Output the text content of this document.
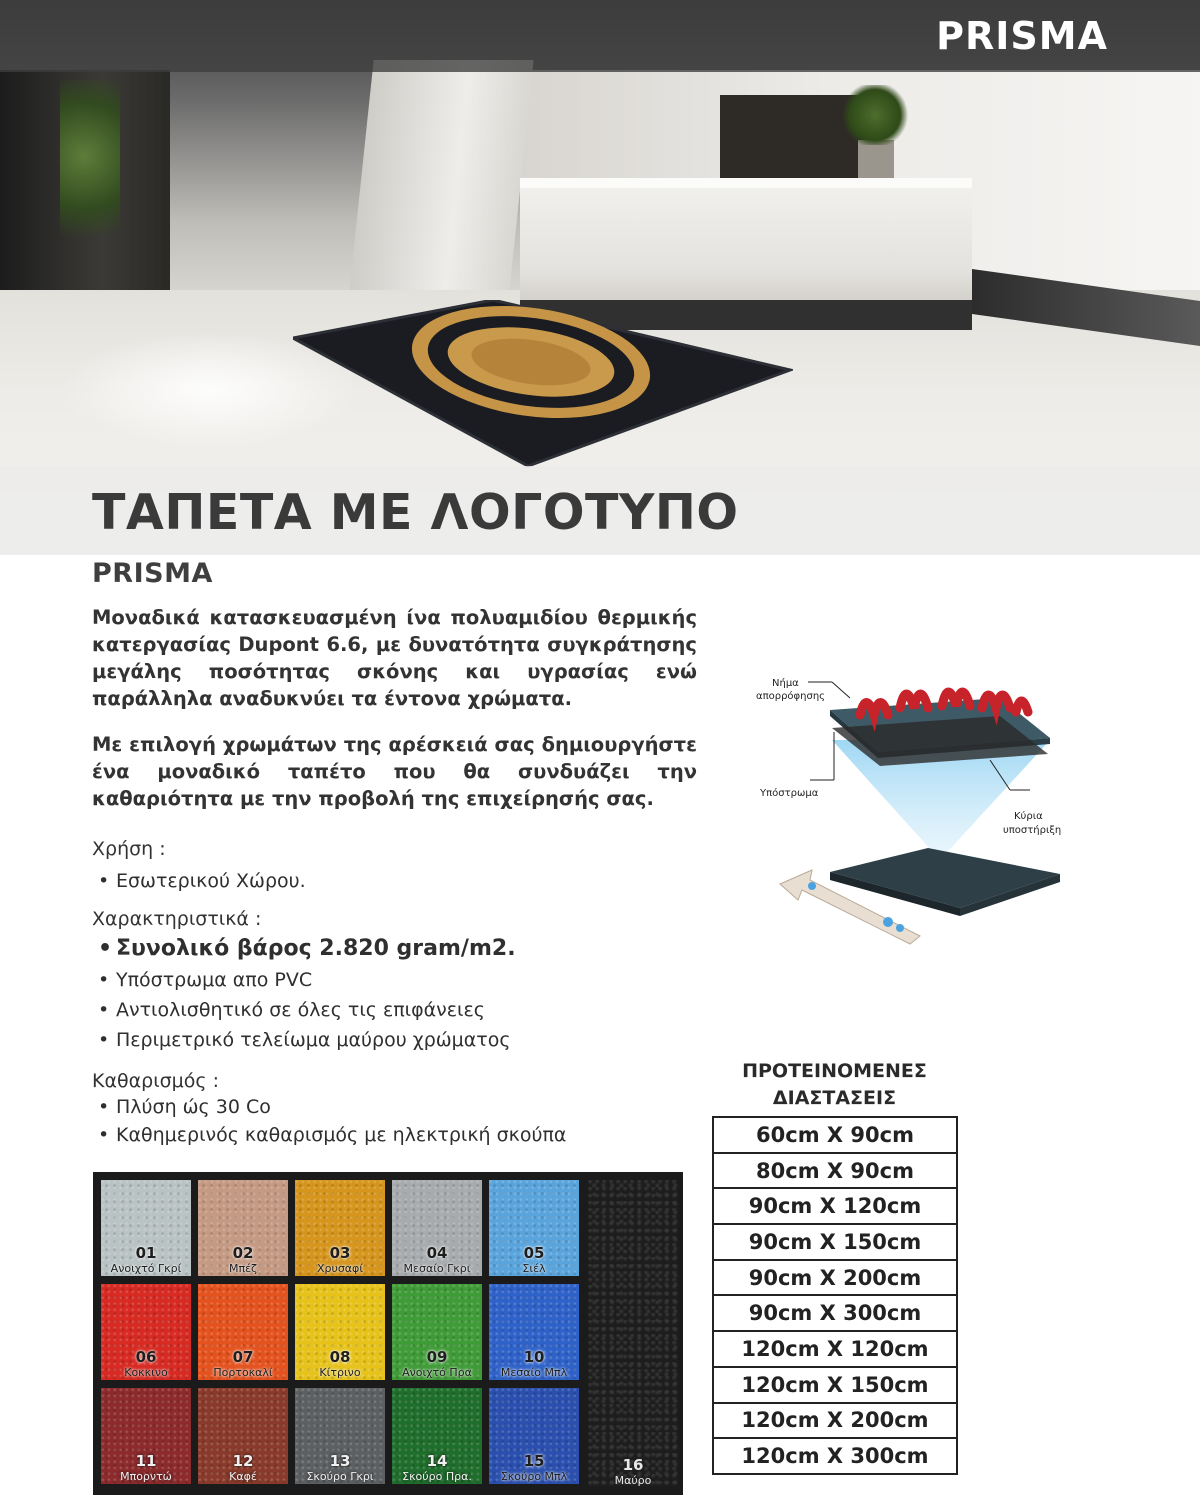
PRISMA
ΤΑΠΕΤΑ ΜΕ ΛΟΓΟΤΥΠΟ
PRISMA

Μοναδικά κατασκευασμένη ίνα πολυαμιδίου θερμικής κατεργασίας Dupont 6.6, με δυνατότητα συγκράτησης μεγάλης ποσότητας σκόνης και υγρασίας ενώ παράλληλα αναδυκνύει τα έντονα χρώματα.

Με επιλογή χρωμάτων της αρέσκειά σας δημιουργήστε ένα μοναδικό ταπέτο που θα συνδυάζει την καθαριότητα με την προβολή της επιχείρησής σας.

Χρήση :
• Εσωτερικού Χώρου.
Χαρακτηριστικά :
• Συνολικό βάρος 2.820 gram/m2.
• Υπόστρωμα απο PVC
• Αντιολισθητικό σε όλες τις επιφάνειες
• Περιμετρικό τελείωμα μαύρου χρώματος
Καθαρισμός :
• Πλύση ώς 30 Co
• Καθημερινός καθαρισμός με ηλεκτρική σκούπα
Νήμα
απορρόφησης
Υπόστρωμα
Κύρια
υποστήριξη
ΠΡΟΤΕΙΝΟΜΕΝΕΣ
ΔΙΑΣΤΑΣΕΙΣ
60cm X 90cm
80cm X 90cm
90cm X 120cm
90cm X 150cm
90cm X 200cm
90cm X 300cm
120cm X 120cm
120cm X 150cm
120cm X 200cm
120cm X 300cm
16
Μαύρο
01
Ανοιχτό Γκρί
02
Μπέζ
03
Χρυσαφί
04
Μεσαίο Γκρι
05
Σιέλ
06
Κοκκινο
07
Πορτοκαλί
08
Κίτρινο
09
Ανοιχτό Πρα
10
Μεσαίο Μπλ
11
Μπορντώ
12
Καφέ
13
Σκούρο Γκρι
14
Σκούρο Πρα.
15
Σκούρο Μπλ
